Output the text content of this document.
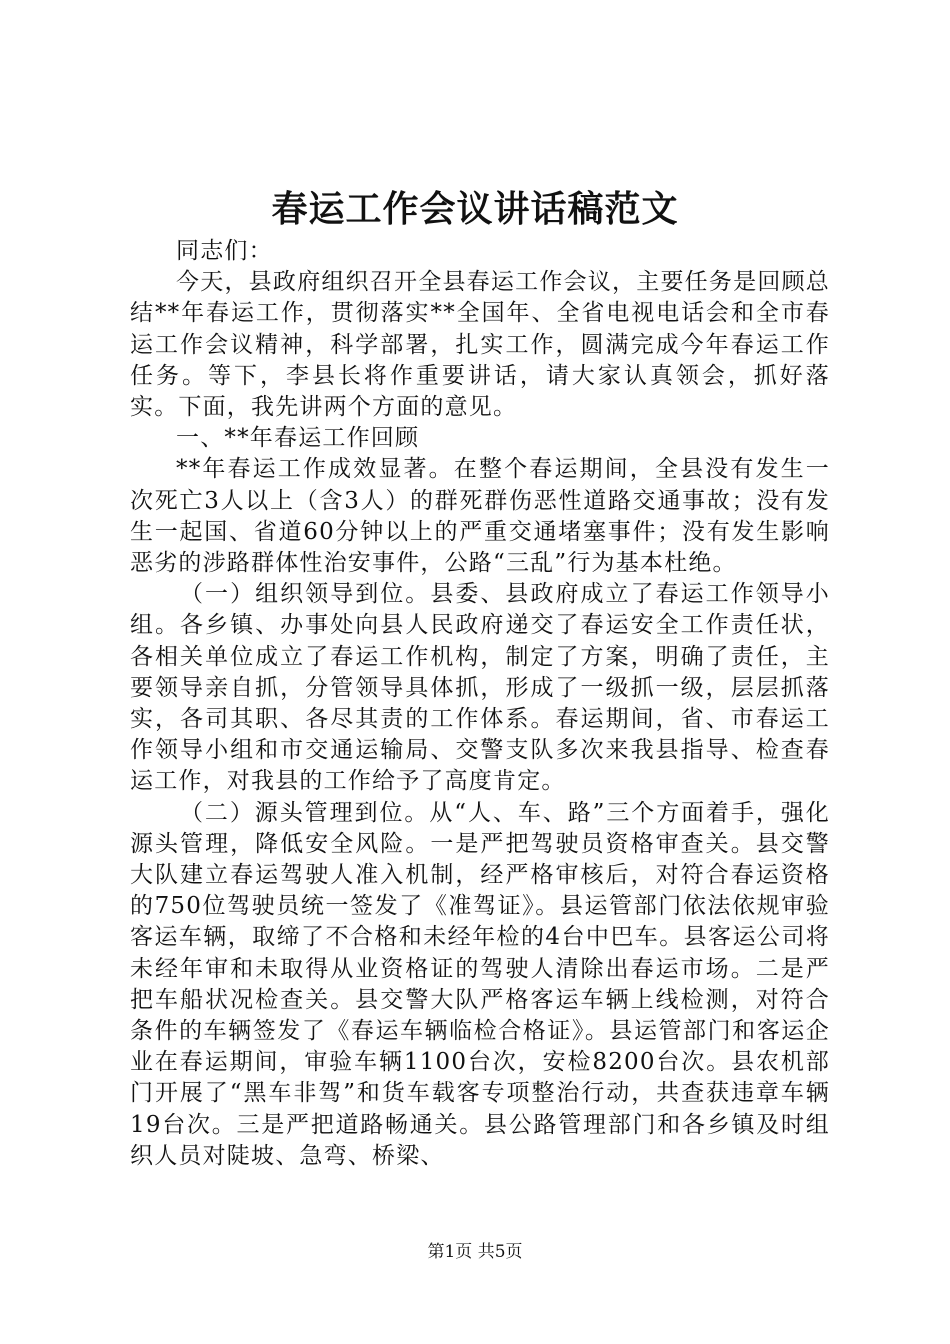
春运工作会议讲话稿范文

同志们：

今天，县政府组织召开全县春运工作会议，主要任务是回顾总结**年春运工作，贯彻落实**全国年、全省电视电话会和全市春运工作会议精神，科学部署，扎实工作，圆满完成今年春运工作任务。等下，李县长将作重要讲话，请大家认真领会，抓好落实。下面，我先讲两个方面的意见。

一、**年春运工作回顾

**年春运工作成效显著。在整个春运期间，全县没有发生一次死亡3人以上（含3人）的群死群伤恶性道路交通事故；没有发生一起国、省道60分钟以上的严重交通堵塞事件；没有发生影响恶劣的涉路群体性治安事件，公路“三乱”行为基本杜绝。

（一）组织领导到位。县委、县政府成立了春运工作领导小组。各乡镇、办事处向县人民政府递交了春运安全工作责任状，各相关单位成立了春运工作机构，制定了方案，明确了责任，主要领导亲自抓，分管领导具体抓，形成了一级抓一级，层层抓落实，各司其职、各尽其责的工作体系。春运期间，省、市春运工作领导小组和市交通运输局、交警支队多次来我县指导、检查春运工作，对我县的工作给予了高度肯定。

（二）源头管理到位。从“人、车、路”三个方面着手，强化源头管理，降低安全风险。一是严把驾驶员资格审查关。县交警大队建立春运驾驶人准入机制，经严格审核后，对符合春运资格的750位驾驶员统一签发了《准驾证》。县运管部门依法依规审验客运车辆，取缔了不合格和未经年检的4台中巴车。县客运公司将未经年审和未取得从业资格证的驾驶人清除出春运市场。二是严把车船状况检查关。县交警大队严格客运车辆上线检测，对符合条件的车辆签发了《春运车辆临检合格证》。县运管部门和客运企业在春运期间，审验车辆1100台次，安检8200台次。县农机部门开展了“黑车非驾”和货车载客专项整治行动，共查获违章车辆19台次。三是严把道路畅通关。县公路管理部门和各乡镇及时组织人员对陡坡、急弯、桥梁、

第1页 共5页
